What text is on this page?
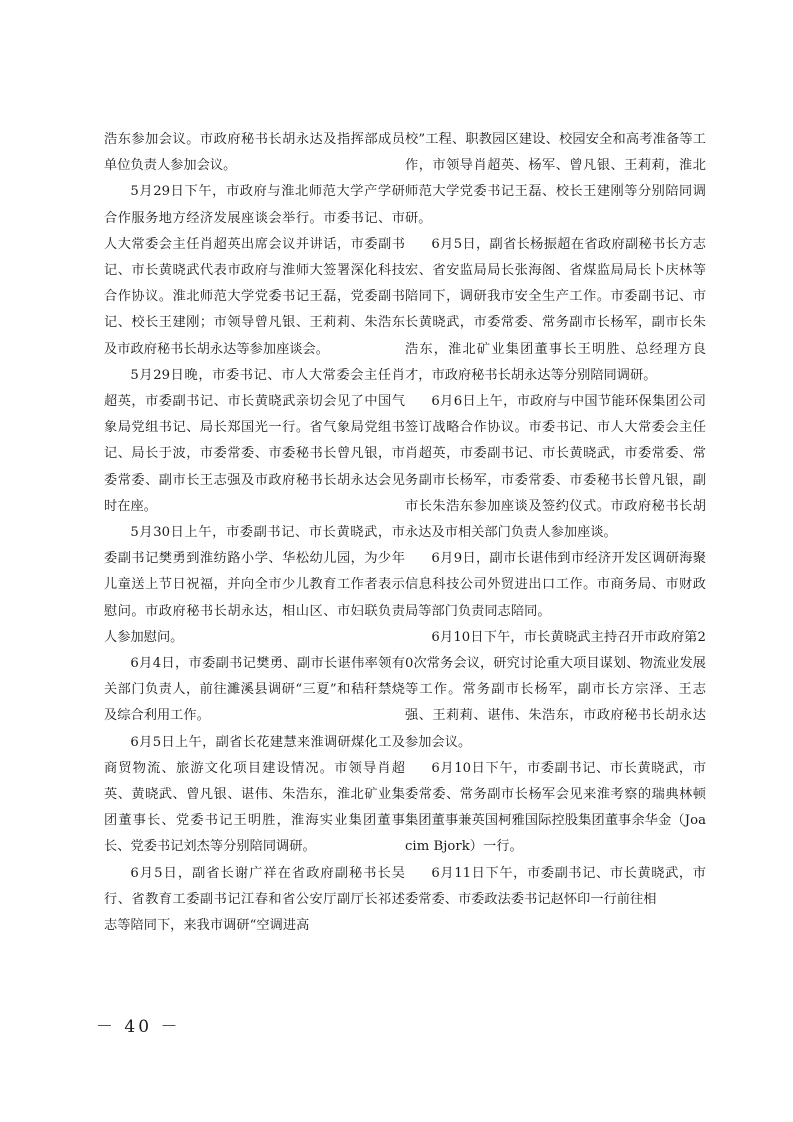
浩东参加会议。市政府秘书长胡永达及指挥部成员单位负责人参加会议。

5月29日下午，市政府与淮北师范大学产学研合作服务地方经济发展座谈会举行。市委书记、市人大常委会主任肖超英出席会议并讲话，市委副书记、市长黄晓武代表市政府与淮师大签署深化科技合作协议。淮北师范大学党委书记王磊，党委副书记、校长王建刚；市领导曾凡银、王莉莉、朱浩东及市政府秘书长胡永达等参加座谈会。

5月29日晚，市委书记、市人大常委会主任肖超英，市委副书记、市长黄晓武亲切会见了中国气象局党组书记、局长郑国光一行。省气象局党组书记、局长于波，市委常委、市委秘书长曾凡银，市委常委、副市长王志强及市政府秘书长胡永达会见时在座。

5月30日上午，市委副书记、市长黄晓武，市委副书记樊勇到淮纺路小学、华松幼儿园，为少年儿童送上节日祝福，并向全市少儿教育工作者表示慰问。市政府秘书长胡永达，相山区、市妇联负责人参加慰问。

6月4日，市委副书记樊勇、副市长谌伟率领有关部门负责人，前往濉溪县调研“三夏”和秸秆禁烧及综合利用工作。

6月5日上午，副省长花建慧来淮调研煤化工及商贸物流、旅游文化项目建设情况。市领导肖超英、黄晓武、曾凡银、谌伟、朱浩东，淮北矿业集团董事长、党委书记王明胜，淮海实业集团董事长、党委书记刘杰等分别陪同调研。

6月5日，副省长谢广祥在省政府副秘书长吴行、省教育工委副书记江春和省公安厅副厅长祁述志等陪同下，来我市调研“空调进高

校”工程、职教园区建设、校园安全和高考准备等工作，市领导肖超英、杨军、曾凡银、王莉莉，淮北师范大学党委书记王磊、校长王建刚等分别陪同调研。

6月5日，副省长杨振超在省政府副秘书长方志宏、省安监局局长张海阁、省煤监局局长卜庆林等陪同下，调研我市安全生产工作。市委副书记、市长黄晓武，市委常委、常务副市长杨军，副市长朱浩东，淮北矿业集团董事长王明胜、总经理方良才，市政府秘书长胡永达等分别陪同调研。

6月6日上午，市政府与中国节能环保集团公司签订战略合作协议。市委书记、市人大常委会主任肖超英，市委副书记、市长黄晓武，市委常委、常务副市长杨军，市委常委、市委秘书长曾凡银，副市长朱浩东参加座谈及签约仪式。市政府秘书长胡永达及市相关部门负责人参加座谈。

6月9日，副市长谌伟到市经济开发区调研海聚信息科技公司外贸进出口工作。市商务局、市财政局等部门负责同志陪同。

6月10日下午，市长黄晓武主持召开市政府第20次常务会议，研究讨论重大项目谋划、物流业发展等工作。常务副市长杨军，副市长方宗泽、王志强、王莉莉、谌伟、朱浩东，市政府秘书长胡永达参加会议。

6月10日下午，市委副书记、市长黄晓武，市委常委、常务副市长杨军会见来淮考察的瑞典林顿集团董事兼英国柯雅国际控股集团董事余华金（Joacim Bjork）一行。

6月11日下午，市委副书记、市长黄晓武，市委常委、市委政法委书记赵怀印一行前往相

－ 40 －
